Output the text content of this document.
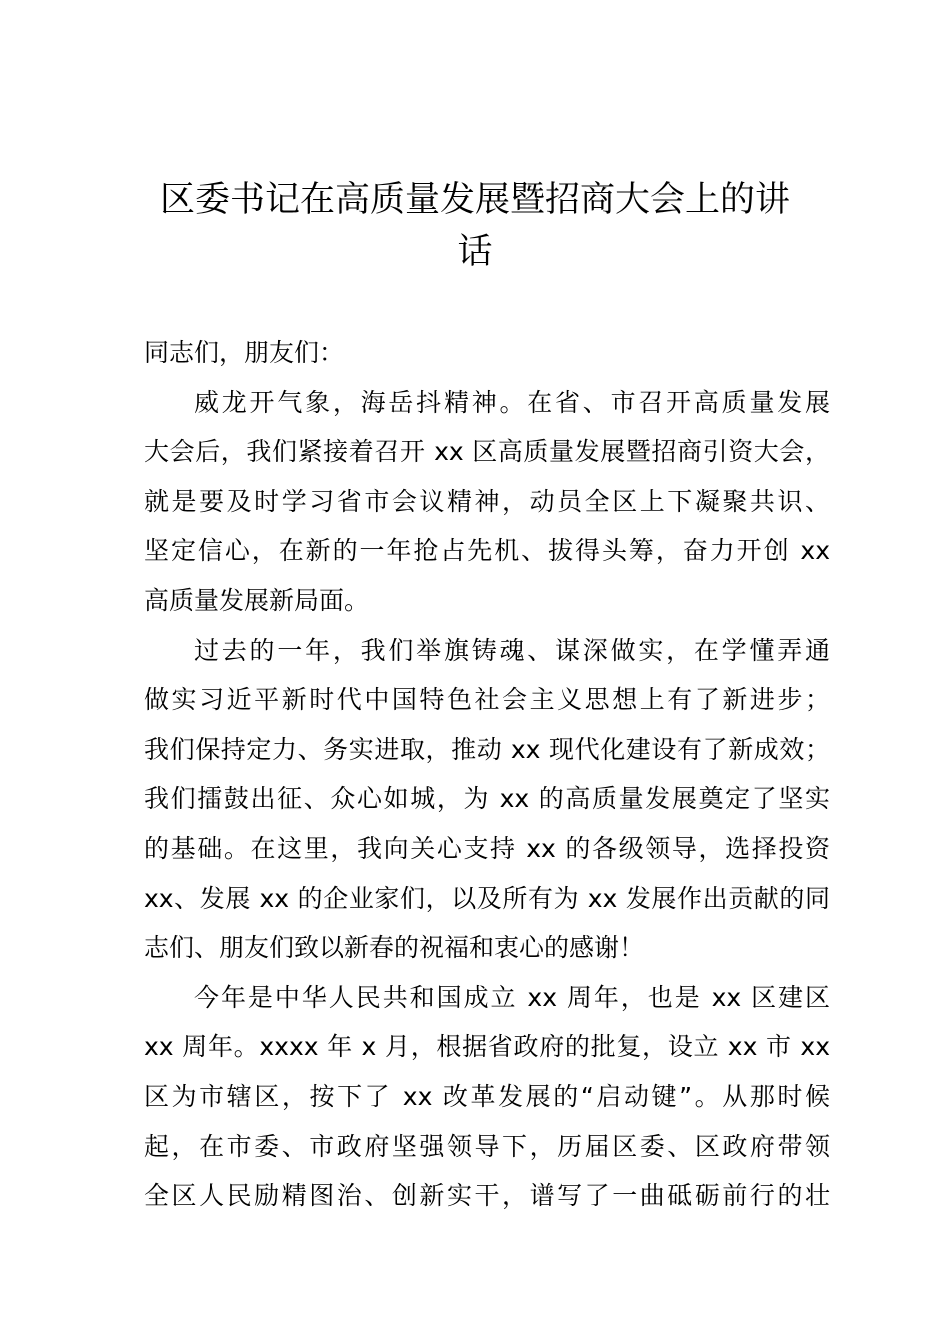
区委书记在高质量发展暨招商大会上的讲
话

同志们，朋友们：

威龙开气象，海岳抖精神。在省、市召开高质量发展
大会后，我们紧接着召开 xx 区高质量发展暨招商引资大会，
就是要及时学习省市会议精神，动员全区上下凝聚共识、
坚定信心，在新的一年抢占先机、拔得头筹，奋力开创 xx
高质量发展新局面。

过去的一年，我们举旗铸魂、谋深做实，在学懂弄通
做实习近平新时代中国特色社会主义思想上有了新进步；
我们保持定力、务实进取，推动 xx 现代化建设有了新成效；
我们擂鼓出征、众心如城，为 xx 的高质量发展奠定了坚实
的基础。在这里，我向关心支持 xx 的各级领导，选择投资
xx、发展 xx 的企业家们，以及所有为 xx 发展作出贡献的同
志们、朋友们致以新春的祝福和衷心的感谢！

今年是中华人民共和国成立 xx 周年，也是 xx 区建区
xx 周年。xxxx 年 x 月，根据省政府的批复，设立 xx 市 xx
区为市辖区，按下了 xx 改革发展的“启动键”。从那时候
起，在市委、市政府坚强领导下，历届区委、区政府带领
全区人民励精图治、创新实干，谱写了一曲砥砺前行的壮
